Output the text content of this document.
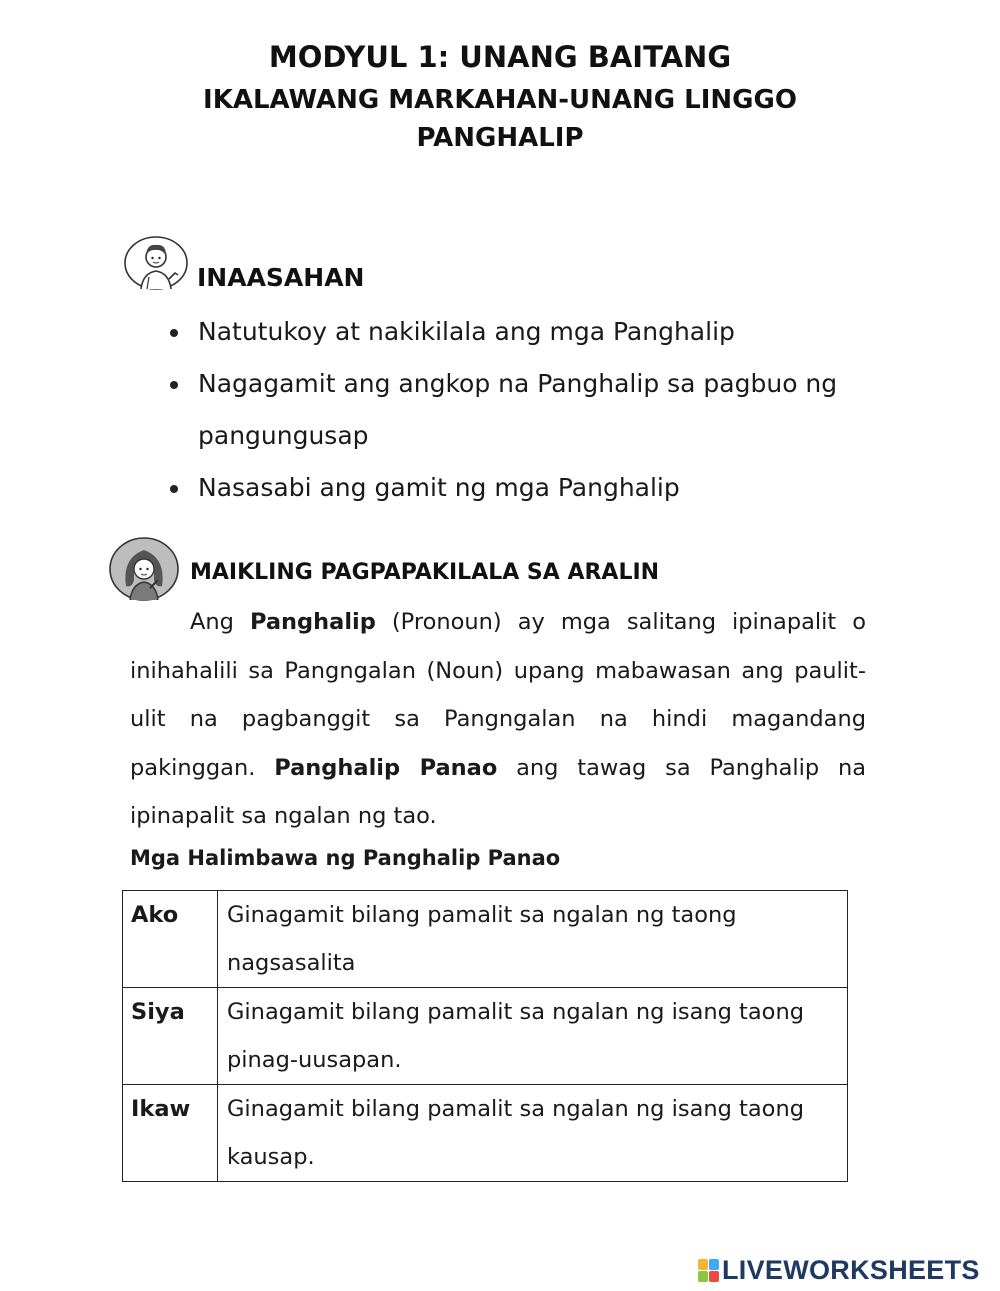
MODYUL 1: UNANG BAITANG
IKALAWANG MARKAHAN-UNANG LINGGO
PANGHALIP
INAASAHAN
Natutukoy at nakikilala ang mga Panghalip
Nagagamit ang angkop na Panghalip sa pagbuo ng pangungusap
Nasasabi ang gamit ng mga Panghalip
MAIKLING PAGPAPAKILALA SA ARALIN

Ang Panghalip (Pronoun) ay mga salitang ipinapalit o inihahalili sa Pangngalan (Noun) upang mabawasan ang paulit-ulit na pagbanggit sa Pangngalan na hindi magandang pakinggan. Panghalip Panao ang tawag sa Panghalip na ipinapalit sa ngalan ng tao.

Mga Halimbawa ng Panghalip Panao
Ako	Ginagamit bilang pamalit sa ngalan ng taong nagsasalita
Siya	Ginagamit bilang pamalit sa ngalan ng isang taong pinag-uusapan.
Ikaw	Ginagamit bilang pamalit sa ngalan ng isang taong kausap.
LIVEWORKSHEETS
